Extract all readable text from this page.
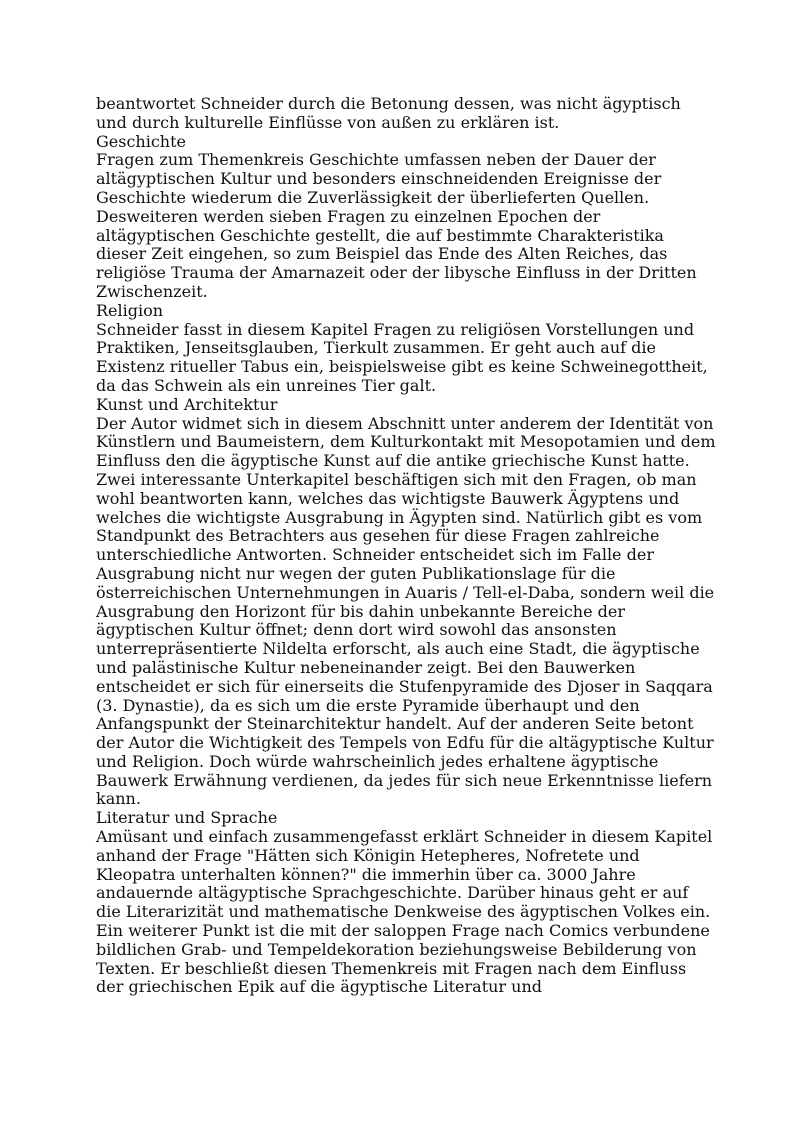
beantwortet Schneider durch die Betonung dessen, was nicht ägyptisch und durch kulturelle Einflüsse von außen zu erklären ist.

Geschichte

Fragen zum Themenkreis Geschichte umfassen neben der Dauer der altägyptischen Kultur und besonders einschneidenden Ereignisse der Geschichte wiederum die Zuverlässigkeit der überlieferten Quellen. Desweiteren werden sieben Fragen zu einzelnen Epochen der altägyptischen Geschichte gestellt, die auf bestimmte Charakteristika dieser Zeit eingehen, so zum Beispiel das Ende des Alten Reiches, das religiöse Trauma der Amarnazeit oder der libysche Einfluss in der Dritten Zwischenzeit.

Religion

Schneider fasst in diesem Kapitel Fragen zu religiösen Vorstellungen und Praktiken, Jenseitsglauben, Tierkult zusammen. Er geht auch auf die Existenz ritueller Tabus ein, beispielsweise gibt es keine Schweinegottheit, da das Schwein als ein unreines Tier galt.

Kunst und Architektur

Der Autor widmet sich in diesem Abschnitt unter anderem der Identität von Künstlern und Baumeistern, dem Kulturkontakt mit Mesopotamien und dem Einfluss den die ägyptische Kunst auf die antike griechische Kunst hatte. Zwei interessante Unterkapitel beschäftigen sich mit den Fragen, ob man wohl beantworten kann, welches das wichtigste Bauwerk Ägyptens und welches die wichtigste Ausgrabung in Ägypten sind. Natürlich gibt es vom Standpunkt des Betrachters aus gesehen für diese Fragen zahlreiche unterschiedliche Antworten. Schneider entscheidet sich im Falle der Ausgrabung nicht nur wegen der guten Publikationslage für die österreichischen Unternehmungen in Auaris / Tell-el-Daba, sondern weil die Ausgrabung den Horizont für bis dahin unbekannte Bereiche der ägyptischen Kultur öffnet; denn dort wird sowohl das ansonsten unterrepräsentierte Nildelta erforscht, als auch eine Stadt, die ägyptische und palästinische Kultur nebeneinander zeigt. Bei den Bauwerken entscheidet er sich für einerseits die Stufenpyramide des Djoser in Saqqara (3. Dynastie), da es sich um die erste Pyramide überhaupt und den Anfangspunkt der Steinarchitektur handelt. Auf der anderen Seite betont der Autor die Wichtigkeit des Tempels von Edfu für die altägyptische Kultur und Religion. Doch würde wahrscheinlich jedes erhaltene ägyptische Bauwerk Erwähnung verdienen, da jedes für sich neue Erkenntnisse liefern kann.

Literatur und Sprache

Amüsant und einfach zusammengefasst erklärt Schneider in diesem Kapitel anhand der Frage "Hätten sich Königin Hetepheres, Nofretete und Kleopatra unterhalten können?" die immerhin über ca. 3000 Jahre andauernde altägyptische Sprachgeschichte. Darüber hinaus geht er auf die Literarizität und mathematische Denkweise des ägyptischen Volkes ein. Ein weiterer Punkt ist die mit der saloppen Frage nach Comics verbundene bildlichen Grab- und Tempeldekoration beziehungsweise Bebilderung von Texten. Er beschließt diesen Themenkreis mit Fragen nach dem Einfluss der griechischen Epik auf die ägyptische Literatur und
